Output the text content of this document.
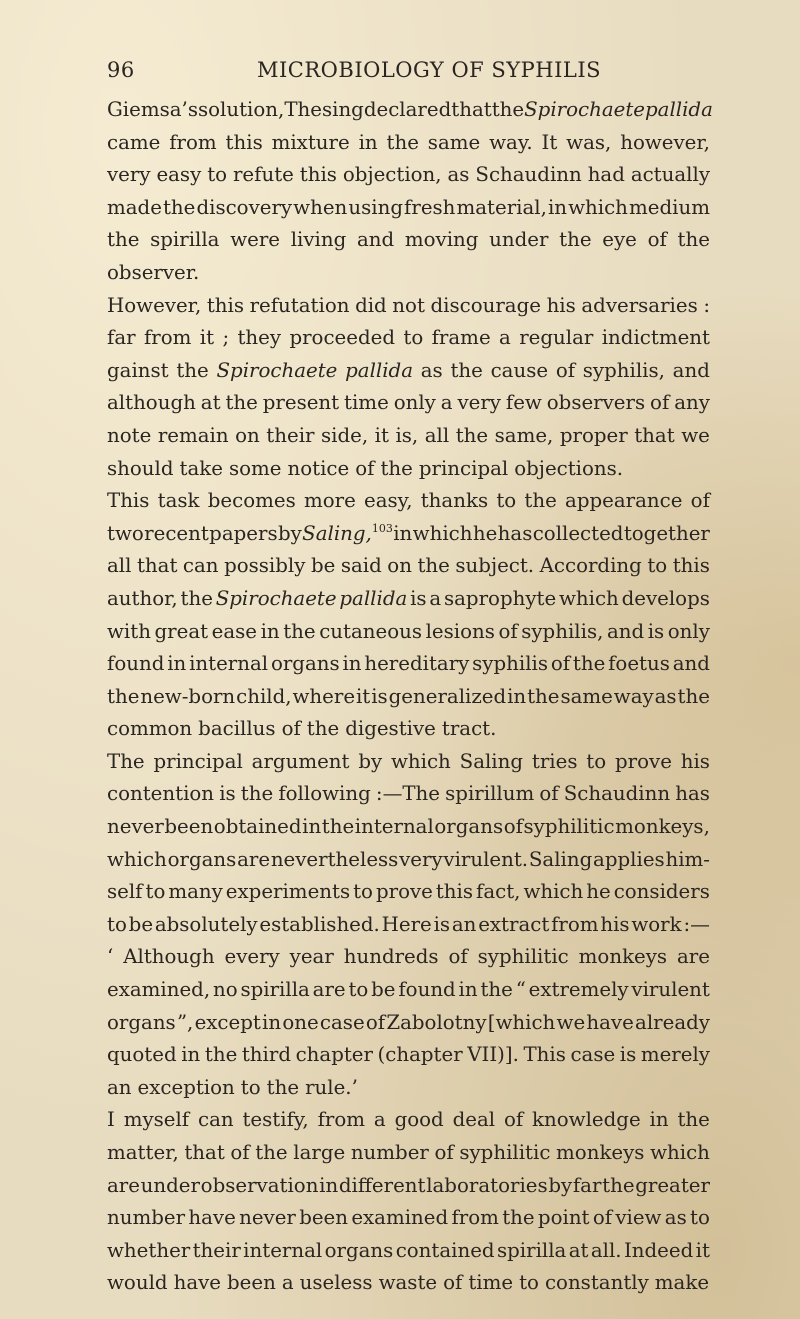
96	MICROBIOLOGY OF SYPHILIS
Giemsa’s solution, Thesing declared that the Spirochaete pallida
came from this mixture in the same way. It was, however,
very easy to refute this objection, as Schaudinn had actually
made the discovery when using fresh material, in which medium
the spirilla were living and moving under the eye of the
observer.
However, this refutation did not discourage his adversaries :
far from it ; they proceeded to frame a regular indictment
gainst the Spirochaete pallida as the cause of syphilis, and
although at the present time only a very few observers of any
note remain on their side, it is, all the same, proper that we
should take some notice of the principal objections.
This task becomes more easy, thanks to the appearance of
two recent papers by Saling,$^{103}$ in which he has collected together
all that can possibly be said on the subject. According to this
author, the Spirochaete pallida is a saprophyte which develops
with great ease in the cutaneous lesions of syphilis, and is only
found in internal organs in hereditary syphilis of the foetus and
the new-born child, where it is generalized in the same way as the
common bacillus of the digestive tract.
The principal argument by which Saling tries to prove his
contention is the following :—The spirillum of Schaudinn has
never been obtained in the internal organs of syphilitic monkeys,
which organs are nevertheless very virulent. Saling applies him-
self to many experiments to prove this fact, which he considers
to be absolutely established. Here is an extract from his work :—
‘ Although every year hundreds of syphilitic monkeys are
examined, no spirilla are to be found in the “ extremely virulent
organs ”, except in one case of Zabolotny [which we have already
quoted in the third chapter (chapter VII)]. This case is merely
an exception to the rule.’
I myself can testify, from a good deal of knowledge in the
matter, that of the large number of syphilitic monkeys which
are under observation in different laboratories by far the greater
number have never been examined from the point of view as to
whether their internal organs contained spirilla at all. Indeed it
would have been a useless waste of time to constantly make
